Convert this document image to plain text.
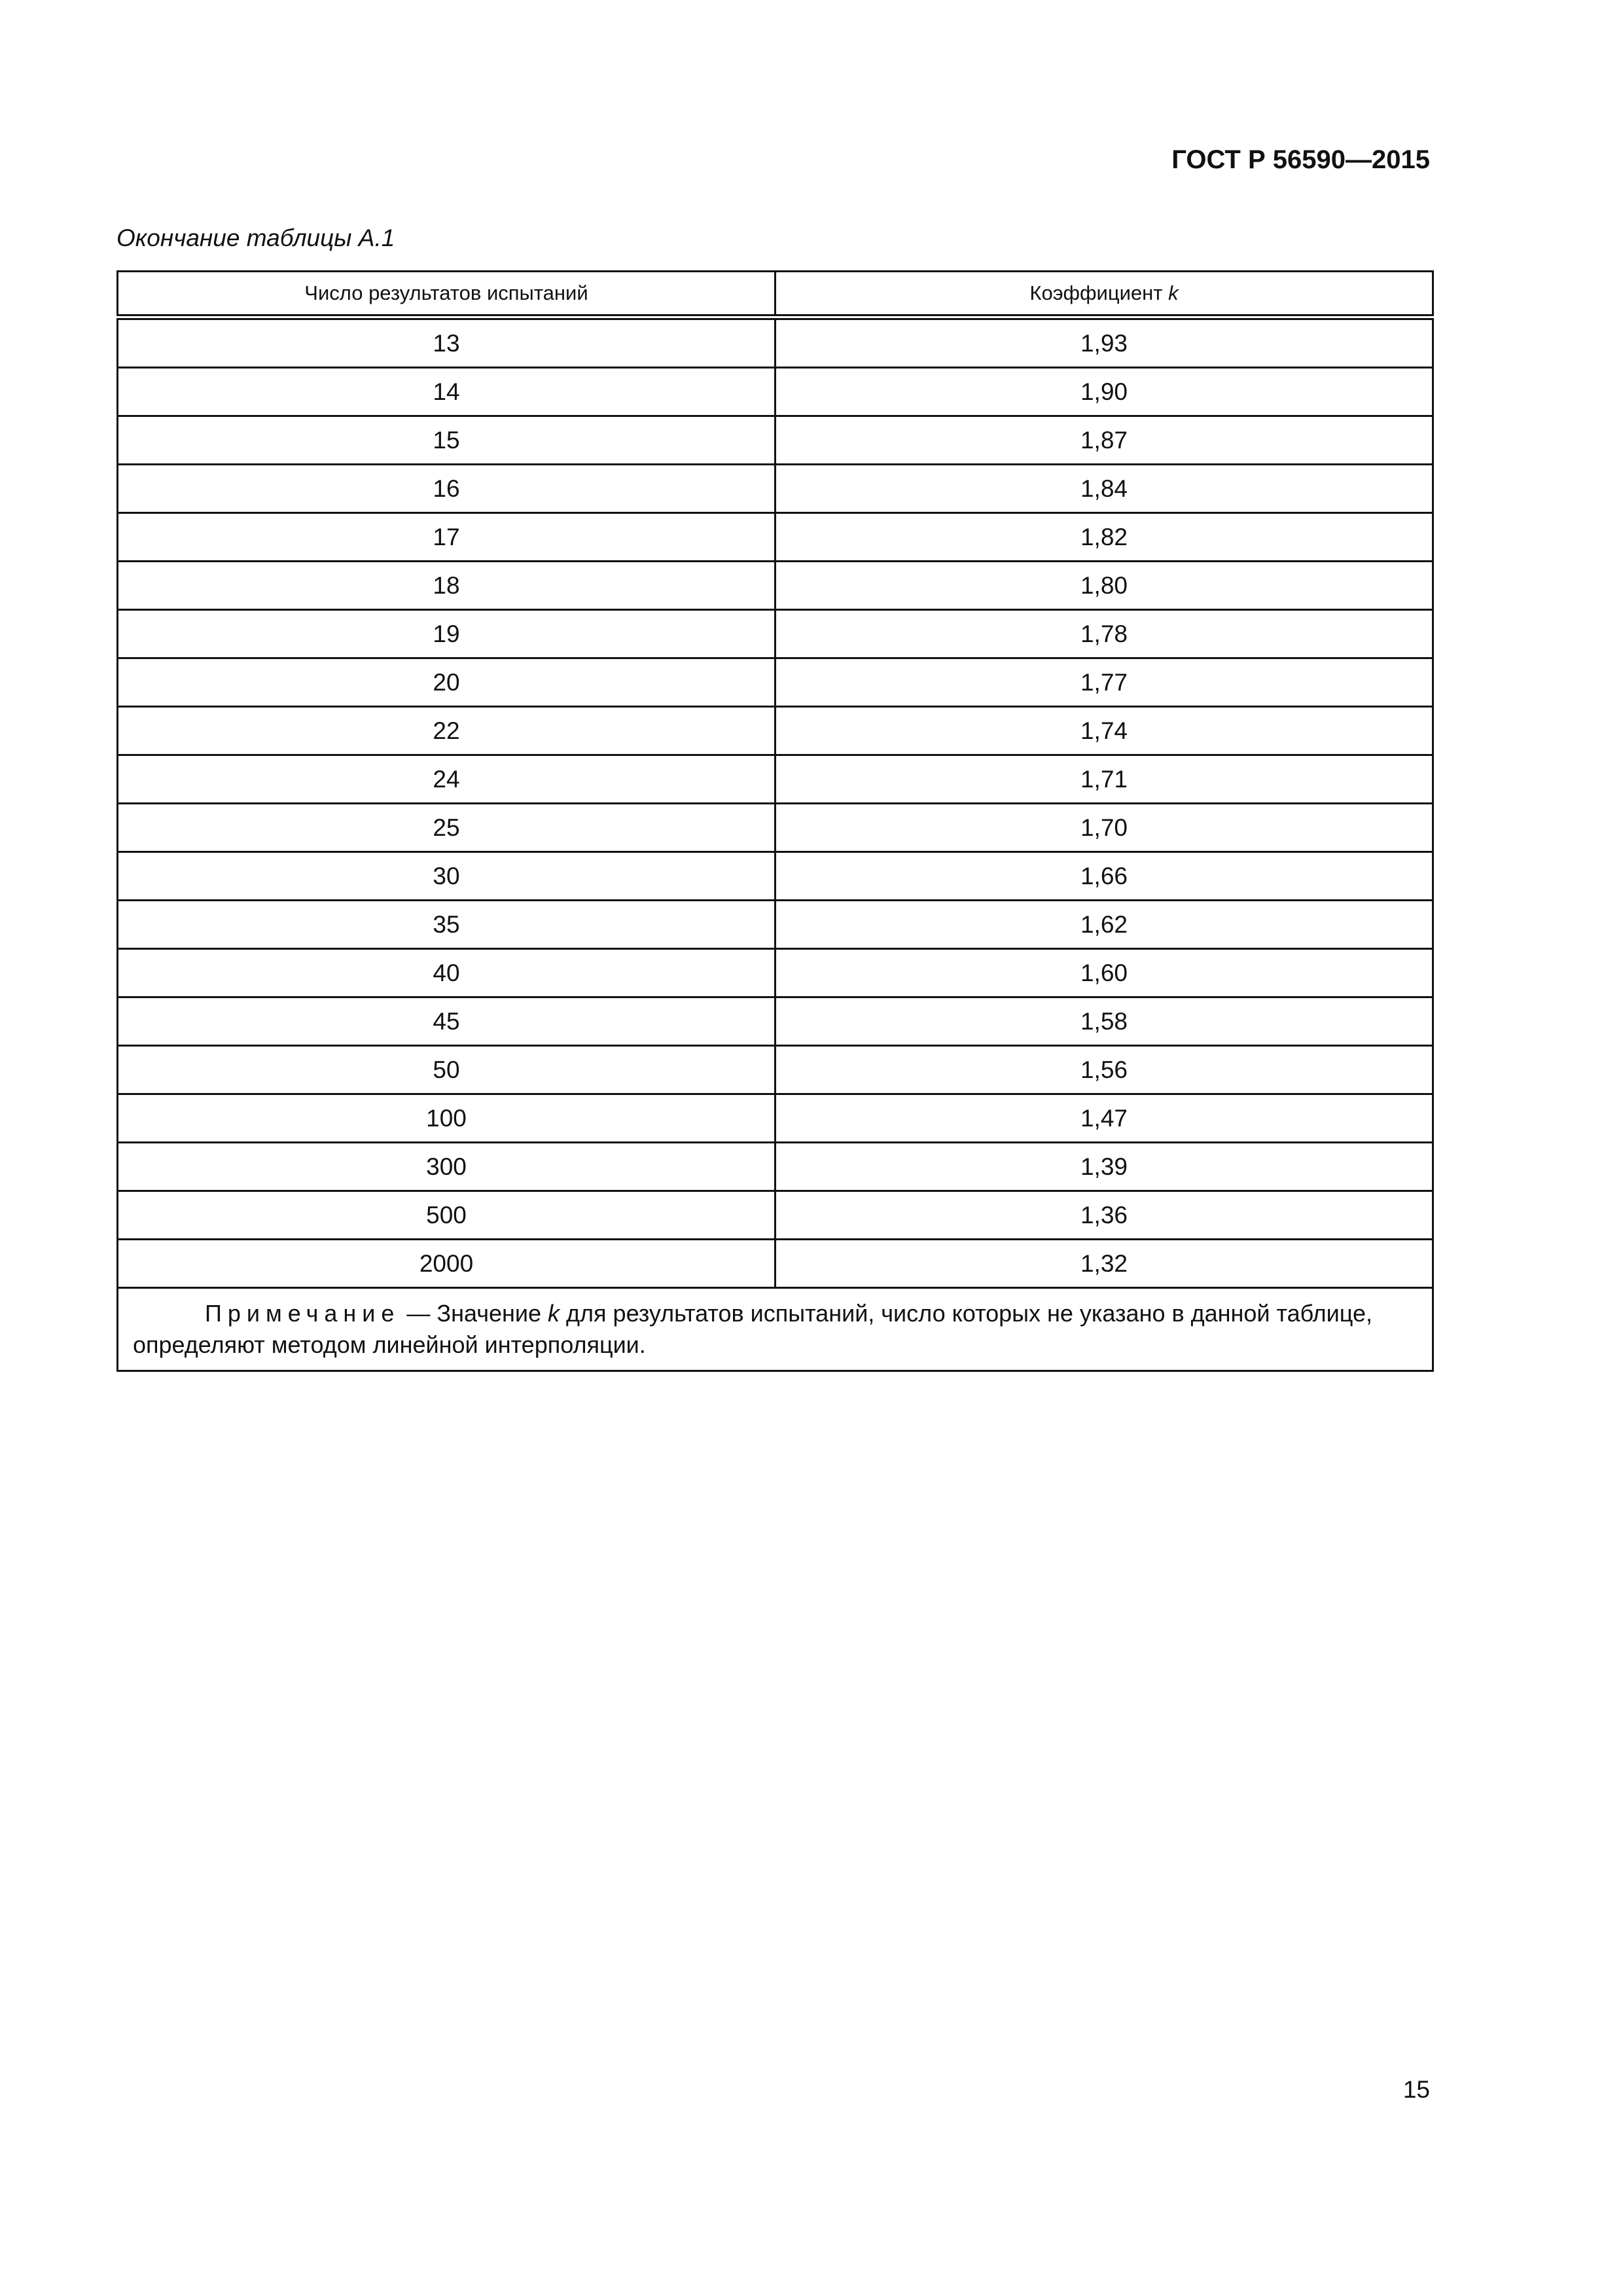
ГОСТ Р 56590—2015
Окончание таблицы А.1
Число результатов испытаний	Коэффициент k
13	1,93
14	1,90
15	1,87
16	1,84
17	1,82
18	1,80
19	1,78
20	1,77
22	1,74
24	1,71
25	1,70
30	1,66
35	1,62
40	1,60
45	1,58
50	1,56
100	1,47
300	1,39
500	1,36
2000	1,32
Примечание — Значение k для результатов испытаний, число которых не указано в данной таблице, определяют методом линейной интерполяции.	
15
